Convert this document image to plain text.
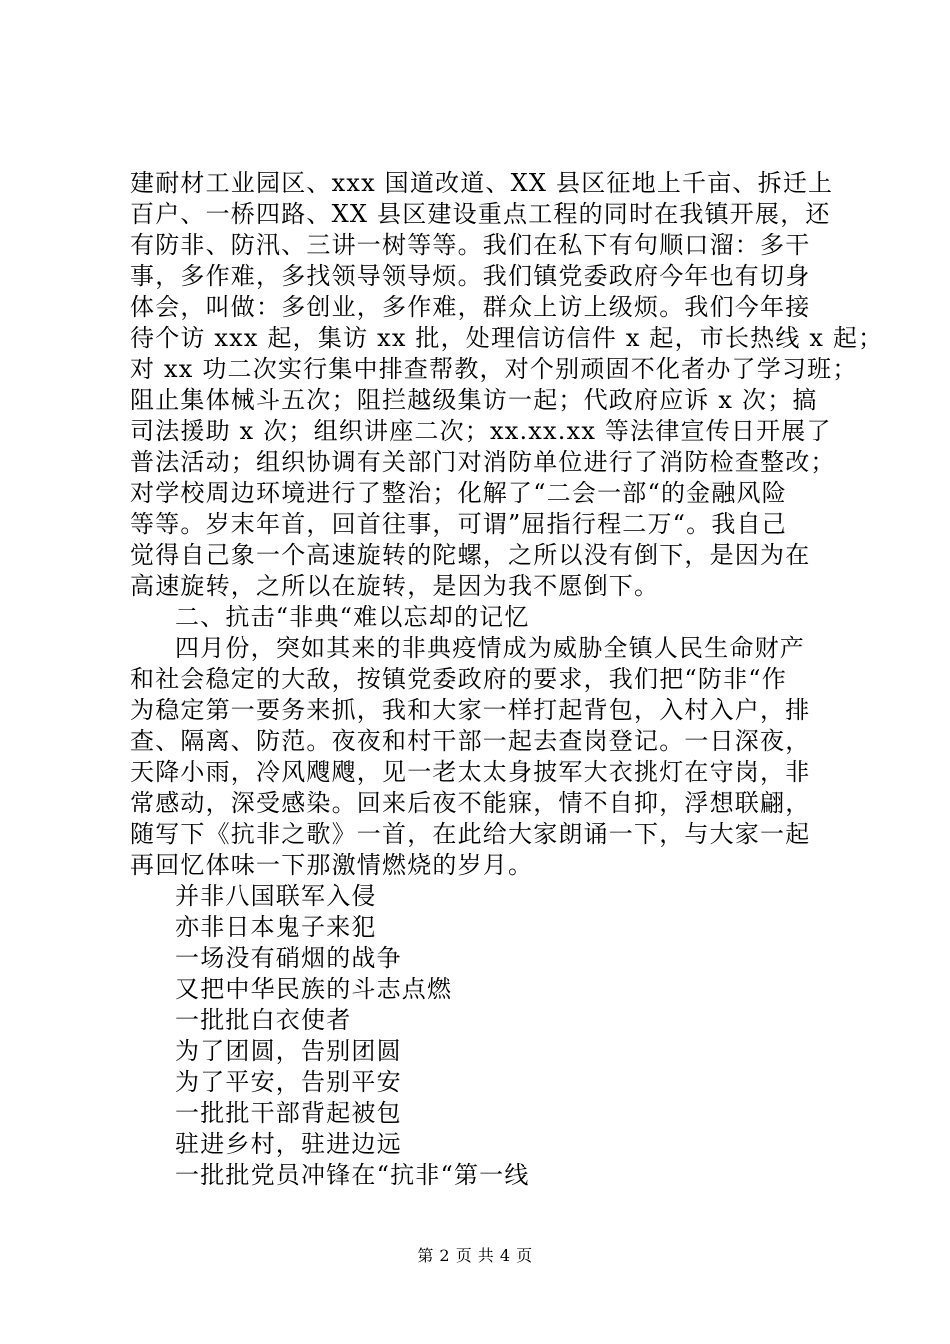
建耐材工业园区、xxx 国道改道、XX 县区征地上千亩、拆迁上
百户、一桥四路、XX 县区建设重点工程的同时在我镇开展，还
有防非、防汛、三讲一树等等。我们在私下有句顺口溜：多干
事，多作难，多找领导领导烦。我们镇党委政府今年也有切身
体会，叫做：多创业，多作难，群众上访上级烦。我们今年接
待个访 xxx 起，集访 xx 批，处理信访信件 x 起，市长热线 x 起；
对 xx 功二次实行集中排查帮教，对个别顽固不化者办了学习班；
阻止集体械斗五次；阻拦越级集访一起；代政府应诉 x 次；搞
司法援助 x 次；组织讲座二次；xx.xx.xx 等法律宣传日开展了
普法活动；组织协调有关部门对消防单位进行了消防检查整改；
对学校周边环境进行了整治；化解了“二会一部“的金融风险
等等。岁末年首，回首往事，可谓”屈指行程二万“。我自己
觉得自己象一个高速旋转的陀螺，之所以没有倒下，是因为在
高速旋转，之所以在旋转，是因为我不愿倒下。
二、抗击“非典“难以忘却的记忆
四月份，突如其来的非典疫情成为威胁全镇人民生命财产
和社会稳定的大敌，按镇党委政府的要求，我们把“防非“作
为稳定第一要务来抓，我和大家一样打起背包，入村入户，排
查、隔离、防范。夜夜和村干部一起去查岗登记。一日深夜，
天降小雨，冷风飕飕，见一老太太身披军大衣挑灯在守岗，非
常感动，深受感染。回来后夜不能寐，情不自抑，浮想联翩，
随写下《抗非之歌》一首，在此给大家朗诵一下，与大家一起
再回忆体味一下那激情燃烧的岁月。
并非八国联军入侵
亦非日本鬼子来犯
一场没有硝烟的战争
又把中华民族的斗志点燃
一批批白衣使者
为了团圆，告别团圆
为了平安，告别平安
一批批干部背起被包
驻进乡村，驻进边远
一批批党员冲锋在“抗非“第一线
第 2 页 共 4 页
